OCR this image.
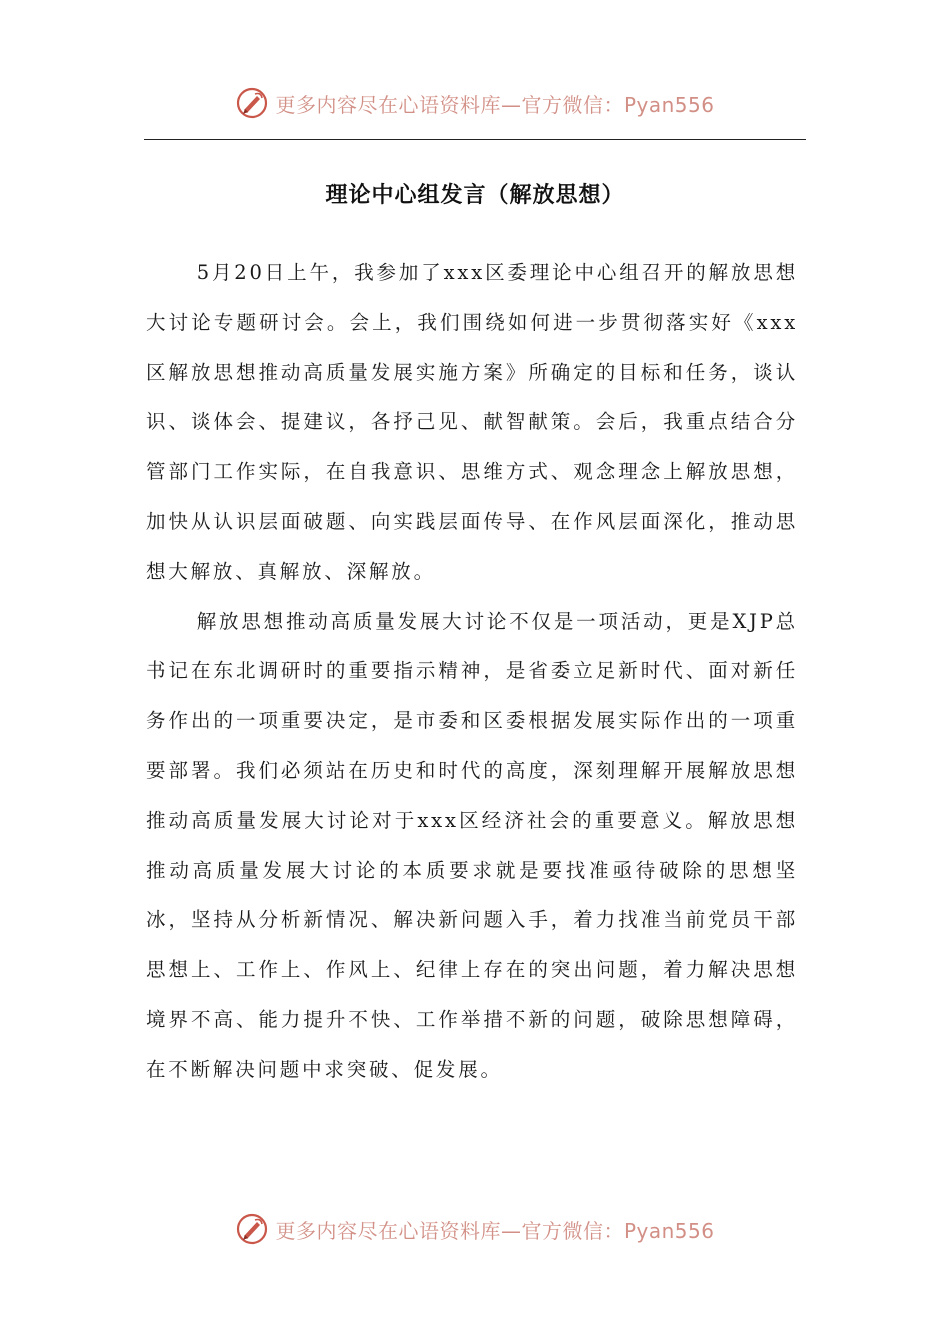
更多内容尽在心语资料库—官方微信：Pyan556
理论中心组发言（解放思想）

5月20日上午，我参加了xxx区委理论中心组召开的解放思想大讨论专题研讨会。会上，我们围绕如何进一步贯彻落实好《xxx区解放思想推动高质量发展实施方案》所确定的目标和任务，谈认识、谈体会、提建议，各抒己见、献智献策。会后，我重点结合分管部门工作实际，在自我意识、思维方式、观念理念上解放思想，加快从认识层面破题、向实践层面传导、在作风层面深化，推动思想大解放、真解放、深解放。

解放思想推动高质量发展大讨论不仅是一项活动，更是XJP总书记在东北调研时的重要指示精神，是省委立足新时代、面对新任务作出的一项重要决定，是市委和区委根据发展实际作出的一项重要部署。我们必须站在历史和时代的高度，深刻理解开展解放思想推动高质量发展大讨论对于xxx区经济社会的重要意义。解放思想推动高质量发展大讨论的本质要求就是要找准亟待破除的思想坚冰，坚持从分析新情况、解决新问题入手，着力找准当前党员干部思想上、工作上、作风上、纪律上存在的突出问题，着力解决思想境界不高、能力提升不快、工作举措不新的问题，破除思想障碍，在不断解决问题中求突破、促发展。

更多内容尽在心语资料库—官方微信：Pyan556
